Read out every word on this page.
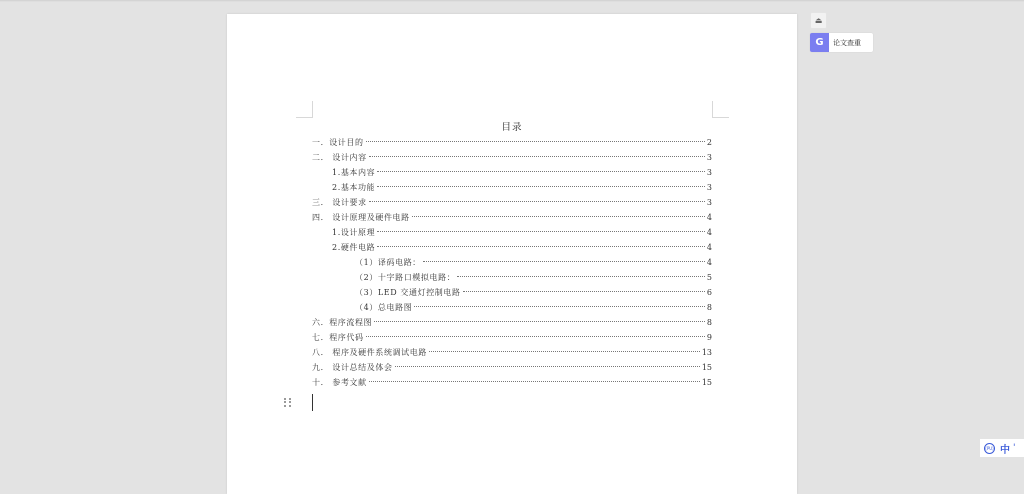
目录
一．设计目的	2
二． 设计内容	3
1.基本内容	3
2.基本功能	3
三． 设计要求	3
四． 设计原理及硬件电路	4
1.设计原理	4
2.硬件电路	4
（1）译码电路：	4
（2）十字路口模拟电路：	5
（3）LED 交通灯控制电路	6
（4）总电路图	8
六．程序流程图	8
七．程序代码	9
八． 程序及硬件系统调试电路	13
九． 设计总结及体会	15
十． 参考文献	15
⏏
G	论文查重
(PU) 中 '
